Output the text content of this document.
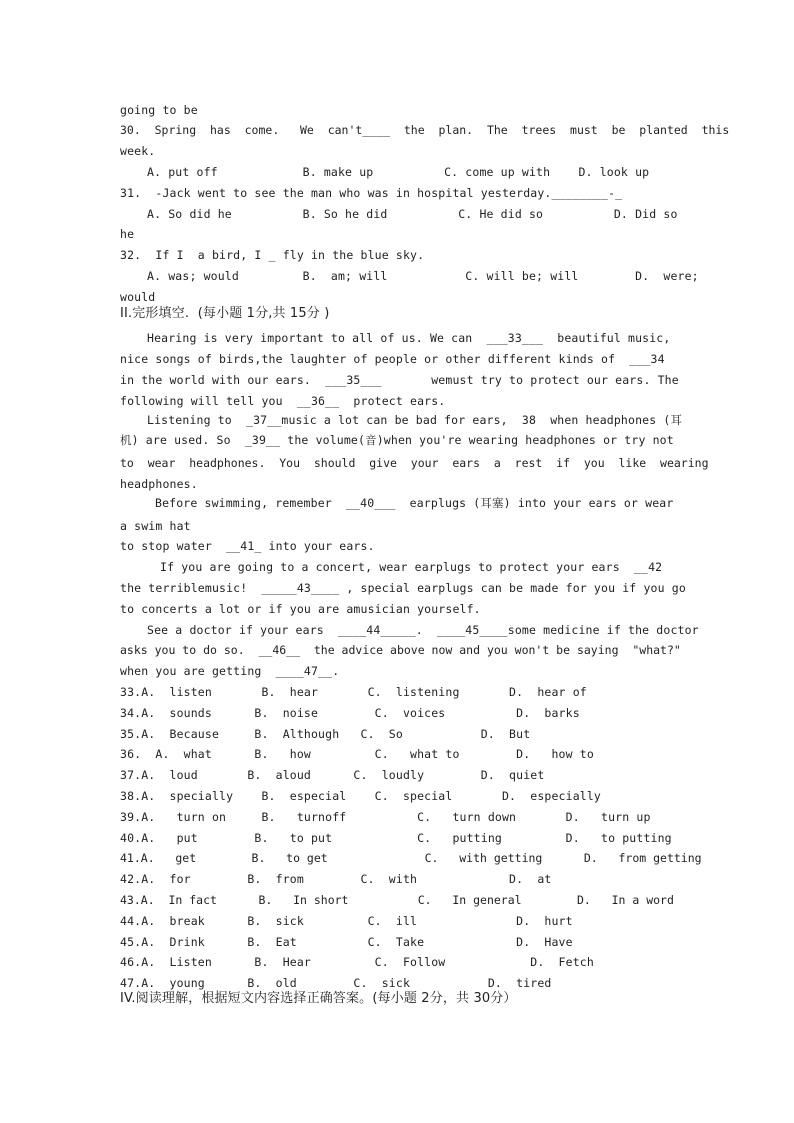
going to be
30.  Spring  has  come.   We  can't____  the  plan.  The  trees  must  be  planted  this
week.
A. put off            B. make up          C. come up with    D. look up
31.  -Jack went to see the man who was in hospital yesterday.________-_
A. So did he          B. So he did          C. He did so          D. Did so
he
32.  If I  a bird, I _ fly in the blue sky.
A. was; would         B.  am; will           C. will be; will        D.  were;
would
II.完形填空.  (每小题 1分,共 15分 )
Hearing is very important to all of us. We can  ___33___  beautiful music,
nice songs of birds,the laughter of people or other different kinds of  ___34
in the world with our ears.  ___35___       wemust try to protect our ears. The
following will tell you  __36__  protect ears.
Listening to  _37__music a lot can be bad for ears,  38  when headphones (耳
机) are used. So  _39__ the volume(音)when you're wearing headphones or try not
to  wear  headphones.  You  should  give  your  ears  a  rest  if  you  like  wearing
headphones.
Before swimming, remember  __40___  earplugs (耳塞) into your ears or wear
a swim hat
to stop water  __41_ into your ears.
If you are going to a concert, wear earplugs to protect your ears  __42
the terriblemusic!  _____43____ , special earplugs can be made for you if you go
to concerts a lot or if you are amusician yourself.
See a doctor if your ears  ____44_____.  ____45____some medicine if the doctor
asks you to do so.  __46__  the advice above now and you won't be saying  "what?"
when you are getting  ____47__.
33.A.  listen       B.  hear       C.  listening       D.  hear of
34.A.  sounds      B.  noise        C.  voices          D.  barks
35.A.  Because     B.  Although   C.  So           D.  But
36.  A.  what      B.   how         C.   what to        D.   how to
37.A.  loud       B.  aloud      C.  loudly        D.  quiet
38.A.  specially    B.  especial    C.  special       D.  especially
39.A.   turn on     B.   turnoff          C.   turn down       D.   turn up
40.A.   put        B.   to put            C.   putting         D.   to putting
41.A.   get        B.   to get              C.   with getting      D.   from getting
42.A.  for        B.  from        C.  with             D.  at
43.A.  In fact      B.   In short          C.   In general        D.   In a word
44.A.  break      B.  sick         C.  ill              D.  hurt
45.A.  Drink      B.  Eat          C.  Take             D.  Have
46.A.  Listen      B.  Hear         C.  Follow            D.  Fetch
47.A.  young      B.  old        C.  sick           D.  tired
IV.阅读理解，根据短文内容选择正确答案。(每小题 2分，共 30分）
